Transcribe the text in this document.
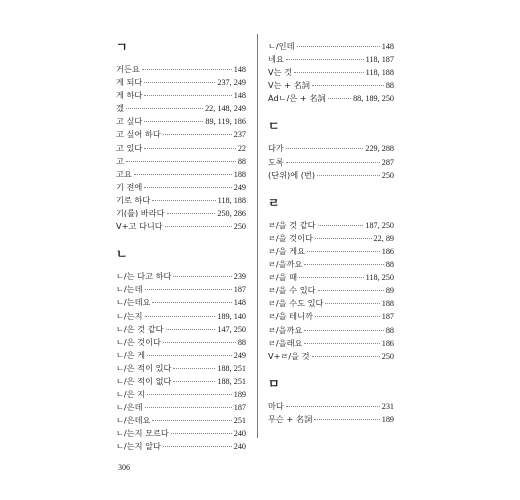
ㄱ
거든요	148
게 되다	237, 249
게 하다	148
겠	22, 148, 249
고 싶다	89, 119, 186
고 싶어 하다	237
고 있다	22
고	88
고요	188
기 전에	249
기로 하다	118, 188
기(를) 바라다	250, 286
V+고 다니다	250
ㄴ
ㄴ/는 다고 하다	239
ㄴ/는데	187
ㄴ/는데요	148
ㄴ/는지	189, 140
ㄴ/은 것 같다	147, 250
ㄴ/은 것이다	88
ㄴ/은 게	249
ㄴ/은 적이 있다	188, 251
ㄴ/은 적이 없다	188, 251
ㄴ/은 지	189
ㄴ/은데	187
ㄴ/은데요	251
ㄴ/는지 모르다	240
ㄴ/는지 알다	240
ㄴ/인데	148
네요	118, 187
V는 것	118, 188
V는 + 名詞	88
Adㄴ/은 + 名詞	88, 189, 250
ㄷ
다가	229, 288
도록	287
(단위)에 (번)	250
ㄹ
ㄹ/을 것 같다	187, 250
ㄹ/을 것이다	22, 89
ㄹ/을 게요	186
ㄹ/을까요	88
ㄹ/을 때	118, 250
ㄹ/을 수 있다	89
ㄹ/을 수도 있다	188
ㄹ/을 테니까	187
ㄹ/을까요	88
ㄹ/을래요	186
V+ㄹ/을 것	250
ㅁ
마다	231
무슨 + 名詞	189
306
